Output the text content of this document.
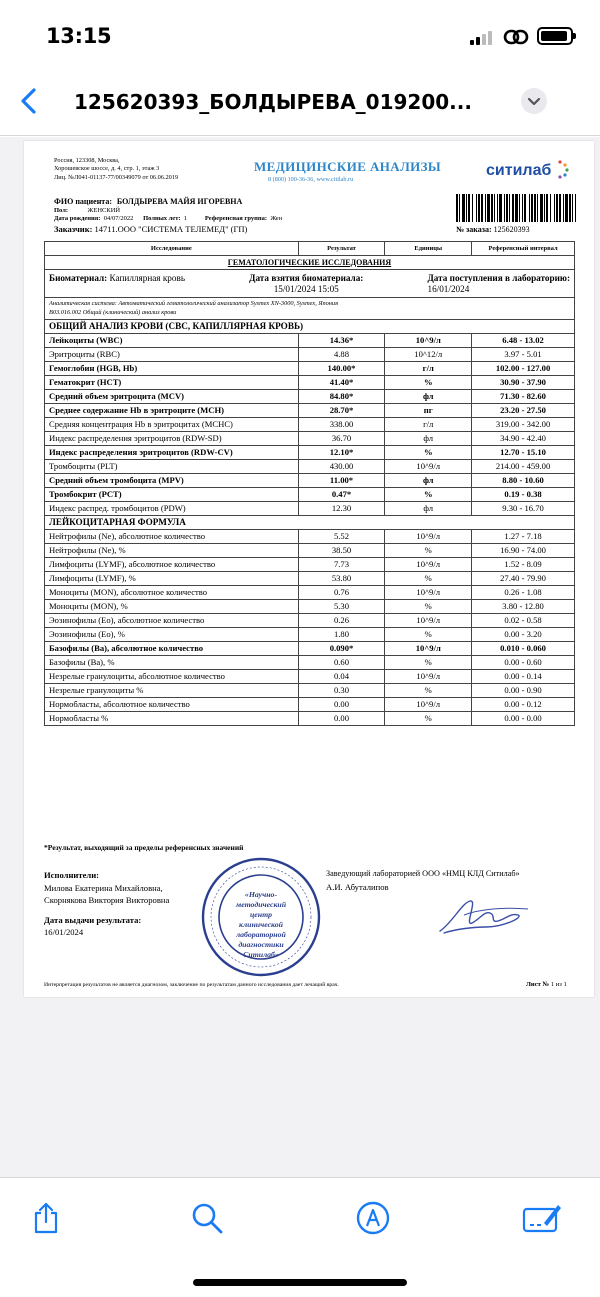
13:15
125620393_БОЛДЫРЕВА_019200...
Россия, 123308, Москва,
Хорошевское шоссе, д. 4, стр. 1, этаж 3
Лиц. №Л041-01137-77/00349079 от 06.06.2019
МЕДИЦИНСКИЕ АНАЛИЗЫ
8 (800) 100-36-36, www.citilab.ru
ситилаб
ФИО пациента: БОЛДЫРЕВА МАЙЯ ИГОРЕВНА
Пол:	ЖЕНСКИЙ
Дата рождения: 04/07/2022 Полных лет: 1	Референсная группа: Жен
Заказчик: 14711.ООО "СИСТЕМА ТЕЛЕМЕД" (ГП)	№ заказа: 125620393
Исследование	Результат	Единицы	Референсный интервал
ГЕМАТОЛОГИЧЕСКИЕ ИССЛЕДОВАНИЯ			

Биоматериал: Капиллярная кровь Дата взятия биоматериала:
15/01/2024 15:05
Дата поступления в лабораторию:
16/01/2024			

Аналитическая система: Автоматический гематологический анализатор Sysmex XN-3000, Sysmex, Япония
B03.016.002 Общий (клинический) анализ крови			

ОБЩИЙ АНАЛИЗ КРОВИ (CBC, КАПИЛЛЯРНАЯ КРОВЬ)			
Лейкоциты (WBC)	14.36*	10^9/л	6.48 - 13.02
Эритроциты (RBC)	4.88	10^12/л	3.97 - 5.01
Гемоглобин (HGB, Hb)	140.00*	г/л	102.00 - 127.00
Гематокрит (HCT)	41.40*	%	30.90 - 37.90
Средний объем эритроцита (MCV)	84.80*	фл	71.30 - 82.60
Среднее содержание Hb в эритроците (MCH)	28.70*	пг	23.20 - 27.50
Средняя концентрация Hb в эритроцитах (MCHC)	338.00	г/л	319.00 - 342.00
Индекс распределения эритроцитов (RDW-SD)	36.70	фл	34.90 - 42.40
Индекс распределения эритроцитов (RDW-CV)	12.10*	%	12.70 - 15.10
Тромбоциты (PLT)	430.00	10^9/л	214.00 - 459.00
Средний объем тромбоцита (MPV)	11.00*	фл	8.80 - 10.60
Тромбокрит (PCT)	0.47*	%	0.19 - 0.38
Индекс распред. тромбоцитов (PDW)	12.30	фл	9.30 - 16.70
ЛЕЙКОЦИТАРНАЯ ФОРМУЛА			
Нейтрофилы (Ne), абсолютное количество	5.52	10^9/л	1.27 - 7.18
Нейтрофилы (Ne), %	38.50	%	16.90 - 74.00
Лимфоциты (LYMF), абсолютное количество	7.73	10^9/л	1.52 - 8.09
Лимфоциты (LYMF), %	53.80	%	27.40 - 79.90
Моноциты (MON), абсолютное количество	0.76	10^9/л	0.26 - 1.08
Моноциты (MON), %	5.30	%	3.80 - 12.80
Эозинофилы (Eo), абсолютное количество	0.26	10^9/л	0.02 - 0.58
Эозинофилы (Eo), %	1.80	%	0.00 - 3.20
Базофилы (Ba), абсолютное количество	0.090*	10^9/л	0.010 - 0.060
Базофилы (Ba), %	0.60	%	0.00 - 0.60
Незрелые гранулоциты, абсолютное количество	0.04	10^9/л	0.00 - 0.14
Незрелые гранулоциты %	0.30	%	0.00 - 0.90
Нормобласты, абсолютное количество	0.00	10^9/л	0.00 - 0.12
Нормобласты %	0.00	%	0.00 - 0.00
*Результат, выходящий за пределы референсных значений
Исполнители:
Милова Екатерина Михайловна,
Скорнякова Виктория Викторовна
Дата выдачи результата:
16/01/2024
«Научно-
методический
центр клинической
лабораторной
диагностики
Ситилаб»
Заведующий лабораторией ООО «НМЦ КЛД Ситилаб»
А.И. Абуталипов
Интерпретация результатов не является диагнозом, заключение по результатам данного исследования дает лечащий врач.	Лист № 1 из 1
